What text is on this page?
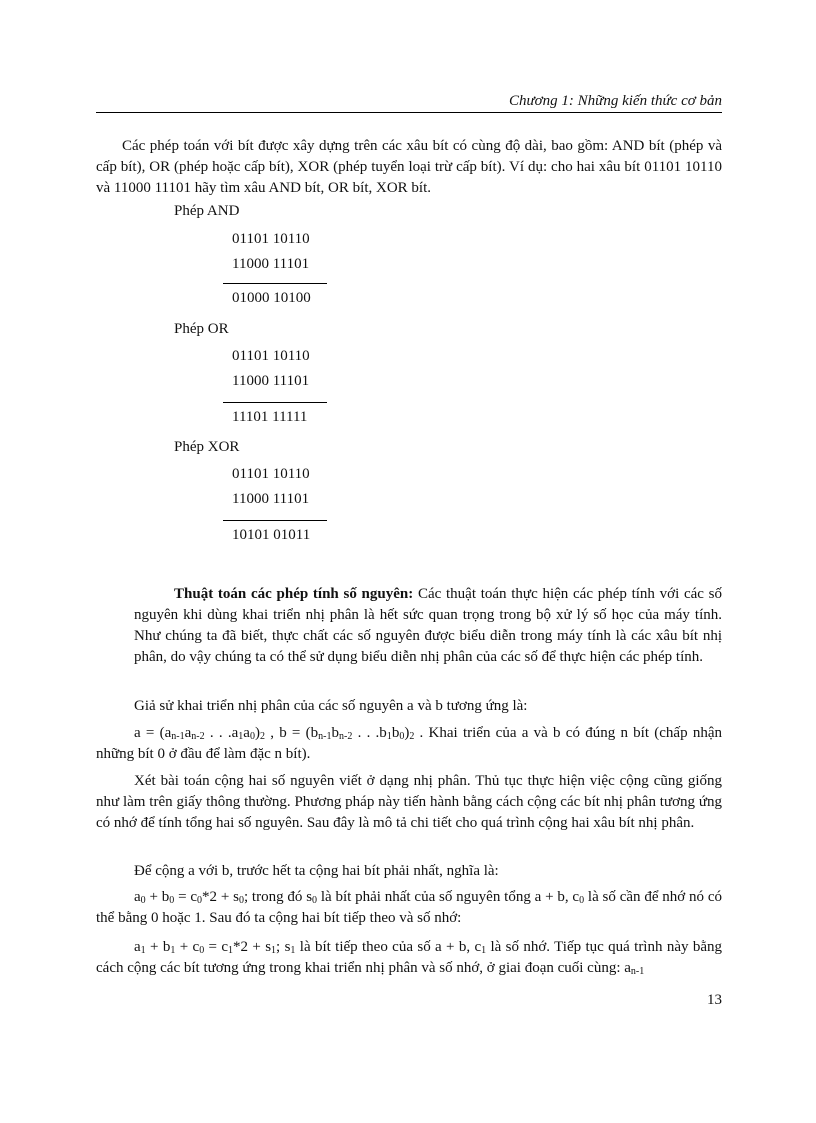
Chương 1: Những kiến thức cơ bản

Các phép toán với bít được xây dựng trên các xâu bít có cùng độ dài, bao gồm: AND bít (phép và cấp bít), OR (phép hoặc cấp bít), XOR (phép tuyển loại trừ cấp bít). Ví dụ: cho hai xâu bít 01101 10110 và 11000 11101 hãy tìm xâu AND bít, OR bít, XOR bít.

Phép AND
01101 10110
11000 11101
01000 10100
Phép OR
01101 10110
11000 11101
11101 11111
Phép XOR
01101 10110
11000 11101
10101 01011

Thuật toán các phép tính số nguyên: Các thuật toán thực hiện các phép tính với các số nguyên khi dùng khai triển nhị phân là hết sức quan trọng trong bộ xử lý số học của máy tính. Như chúng ta đã biết, thực chất các số nguyên được biểu diễn trong máy tính là các xâu bít nhị phân, do vậy chúng ta có thể sử dụng biểu diễn nhị phân của các số để thực hiện các phép tính.

Giả sử khai triển nhị phân của các số nguyên a và b tương ứng là:

$a = (a_{n-1}a_{n-2}$ . . $.a_1a_0)_2$ , $b = (b_{n-1}b_{n-2}$ . . $.b_1b_0)_2$ . Khai triển của a và b có đúng n bít (chấp nhận những bít 0 ở đầu để làm đặc n bít).

Xét bài toán cộng hai số nguyên viết ở dạng nhị phân. Thủ tục thực hiện việc cộng cũng giống như làm trên giấy thông thường. Phương pháp này tiến hành bằng cách cộng các bít nhị phân tương ứng có nhớ để tính tổng hai số nguyên. Sau đây là mô tả chi tiết cho quá trình cộng hai xâu bít nhị phân.

Để cộng a với b, trước hết ta cộng hai bít phải nhất, nghĩa là:

$a_0 + b_0 = c_0*2 + s_0$; trong đó $s_0$ là bít phải nhất của số nguyên tổng a + b, $c_0$ là số cần để nhớ nó có thể bằng 0 hoặc 1. Sau đó ta cộng hai bít tiếp theo và số nhớ:

$a_1 + b_1 + c_0 = c_1*2 + s_1$; $s_1$ là bít tiếp theo của số a + b, $c_1$ là số nhớ. Tiếp tục quá trình này bằng cách cộng các bít tương ứng trong khai triển nhị phân và số nhớ, ở giai đoạn cuối cùng: $a_{n-1}$

13
